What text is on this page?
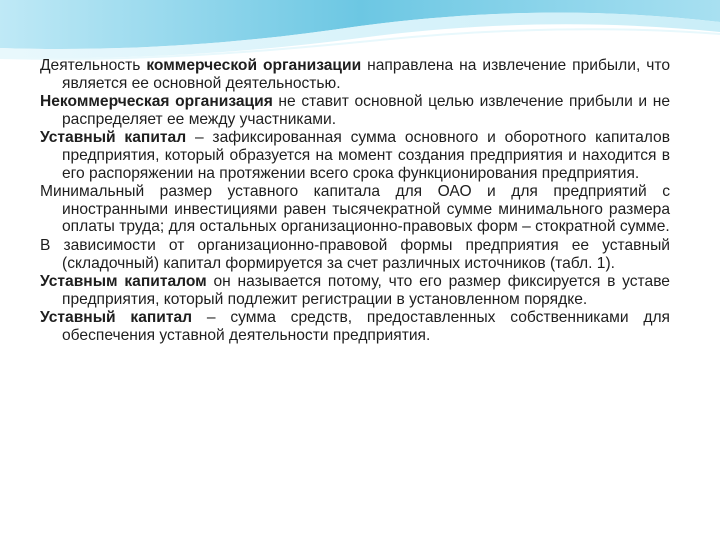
Деятельность коммерческой организации направлена на извлечение прибыли, что является ее основной деятельностью.

Некоммерческая организация не ставит основной целью извлечение прибыли и не распределяет ее между участниками.

Уставный капитал – зафиксированная сумма основного и оборотного капиталов предприятия, который образуется на момент создания предприятия и находится в его распоряжении на протяжении всего срока функционирования предприятия.

Минимальный размер уставного капитала для ОАО и для предприятий с иностранными инвестициями равен тысячекратной сумме минимального размера оплаты труда; для остальных организационно-правовых форм – стократной сумме.

В зависимости от организационно-правовой формы предприятия ее уставный (складочный) капитал формируется за счет различных источников (табл. 1).

Уставным капиталом он называется потому, что его размер фиксируется в уставе предприятия, который подлежит регистрации в установленном порядке.

Уставный капитал – сумма средств, предоставленных собственниками для обеспечения уставной деятельности предприятия.
